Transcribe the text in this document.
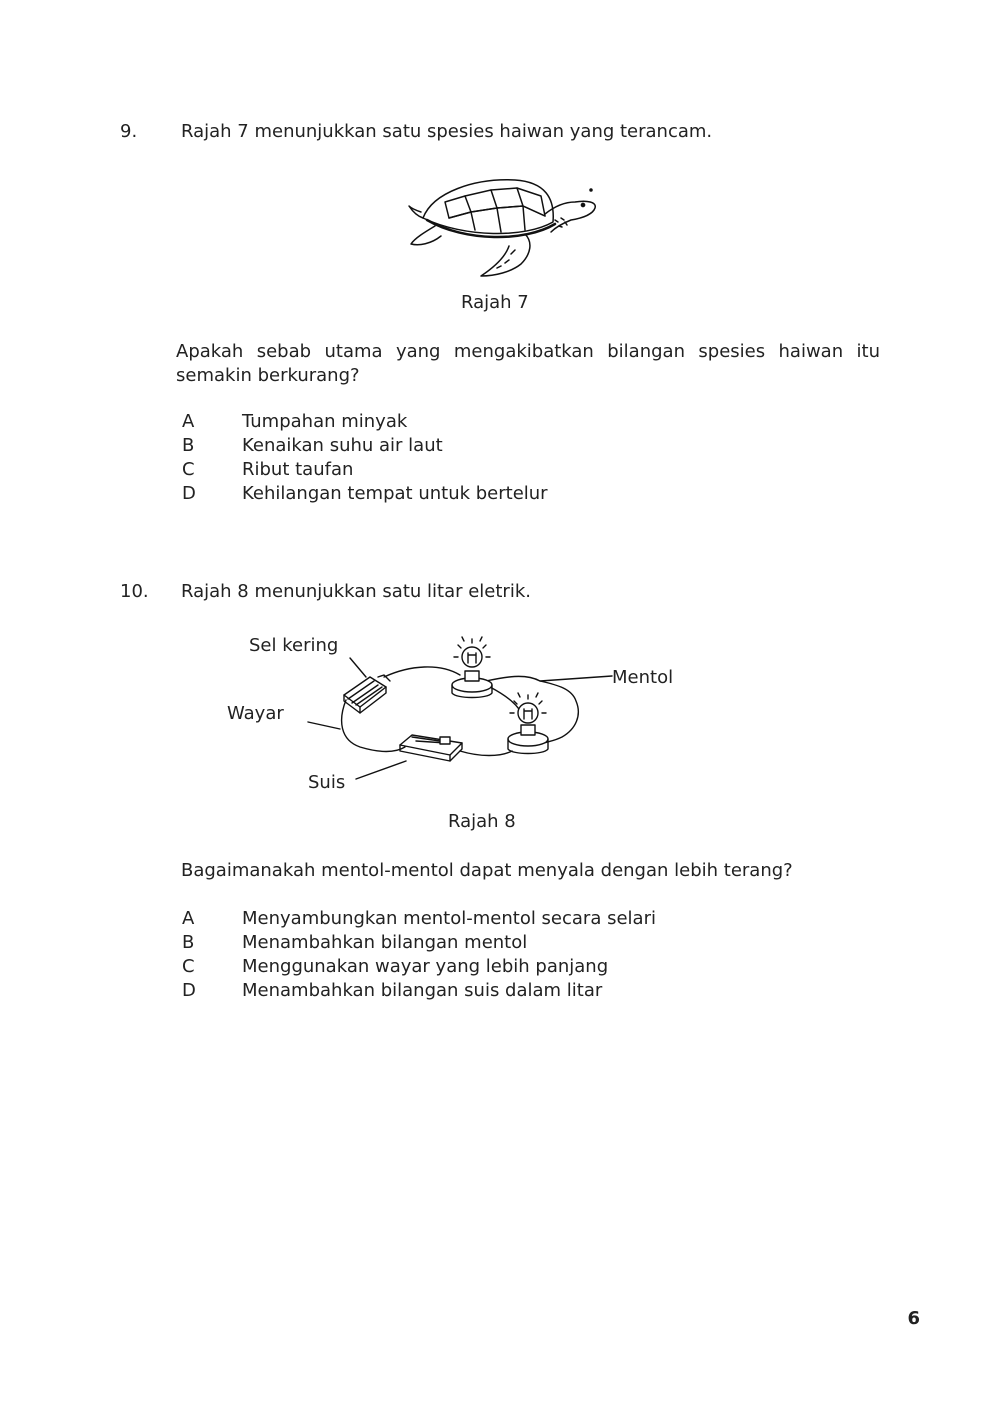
9. Rajah 7 menunjukkan satu spesies haiwan yang terancam.
Rajah 7
Apakah sebab utama yang mengakibatkan bilangan spesies haiwan itu semakin berkurang?
A	Tumpahan minyak
B	Kenaikan suhu air laut
C	Ribut taufan
D	Kehilangan tempat untuk bertelur
10. Rajah 8 menunjukkan satu litar eletrik.
Sel kering
Mentol
Wayar
Suis
Rajah 8
Bagaimanakah mentol-mentol dapat menyala dengan lebih terang?
A	Menyambungkan mentol-mentol secara selari
B	Menambahkan bilangan mentol
C	Menggunakan wayar yang lebih panjang
D	Menambahkan bilangan suis dalam litar
6
